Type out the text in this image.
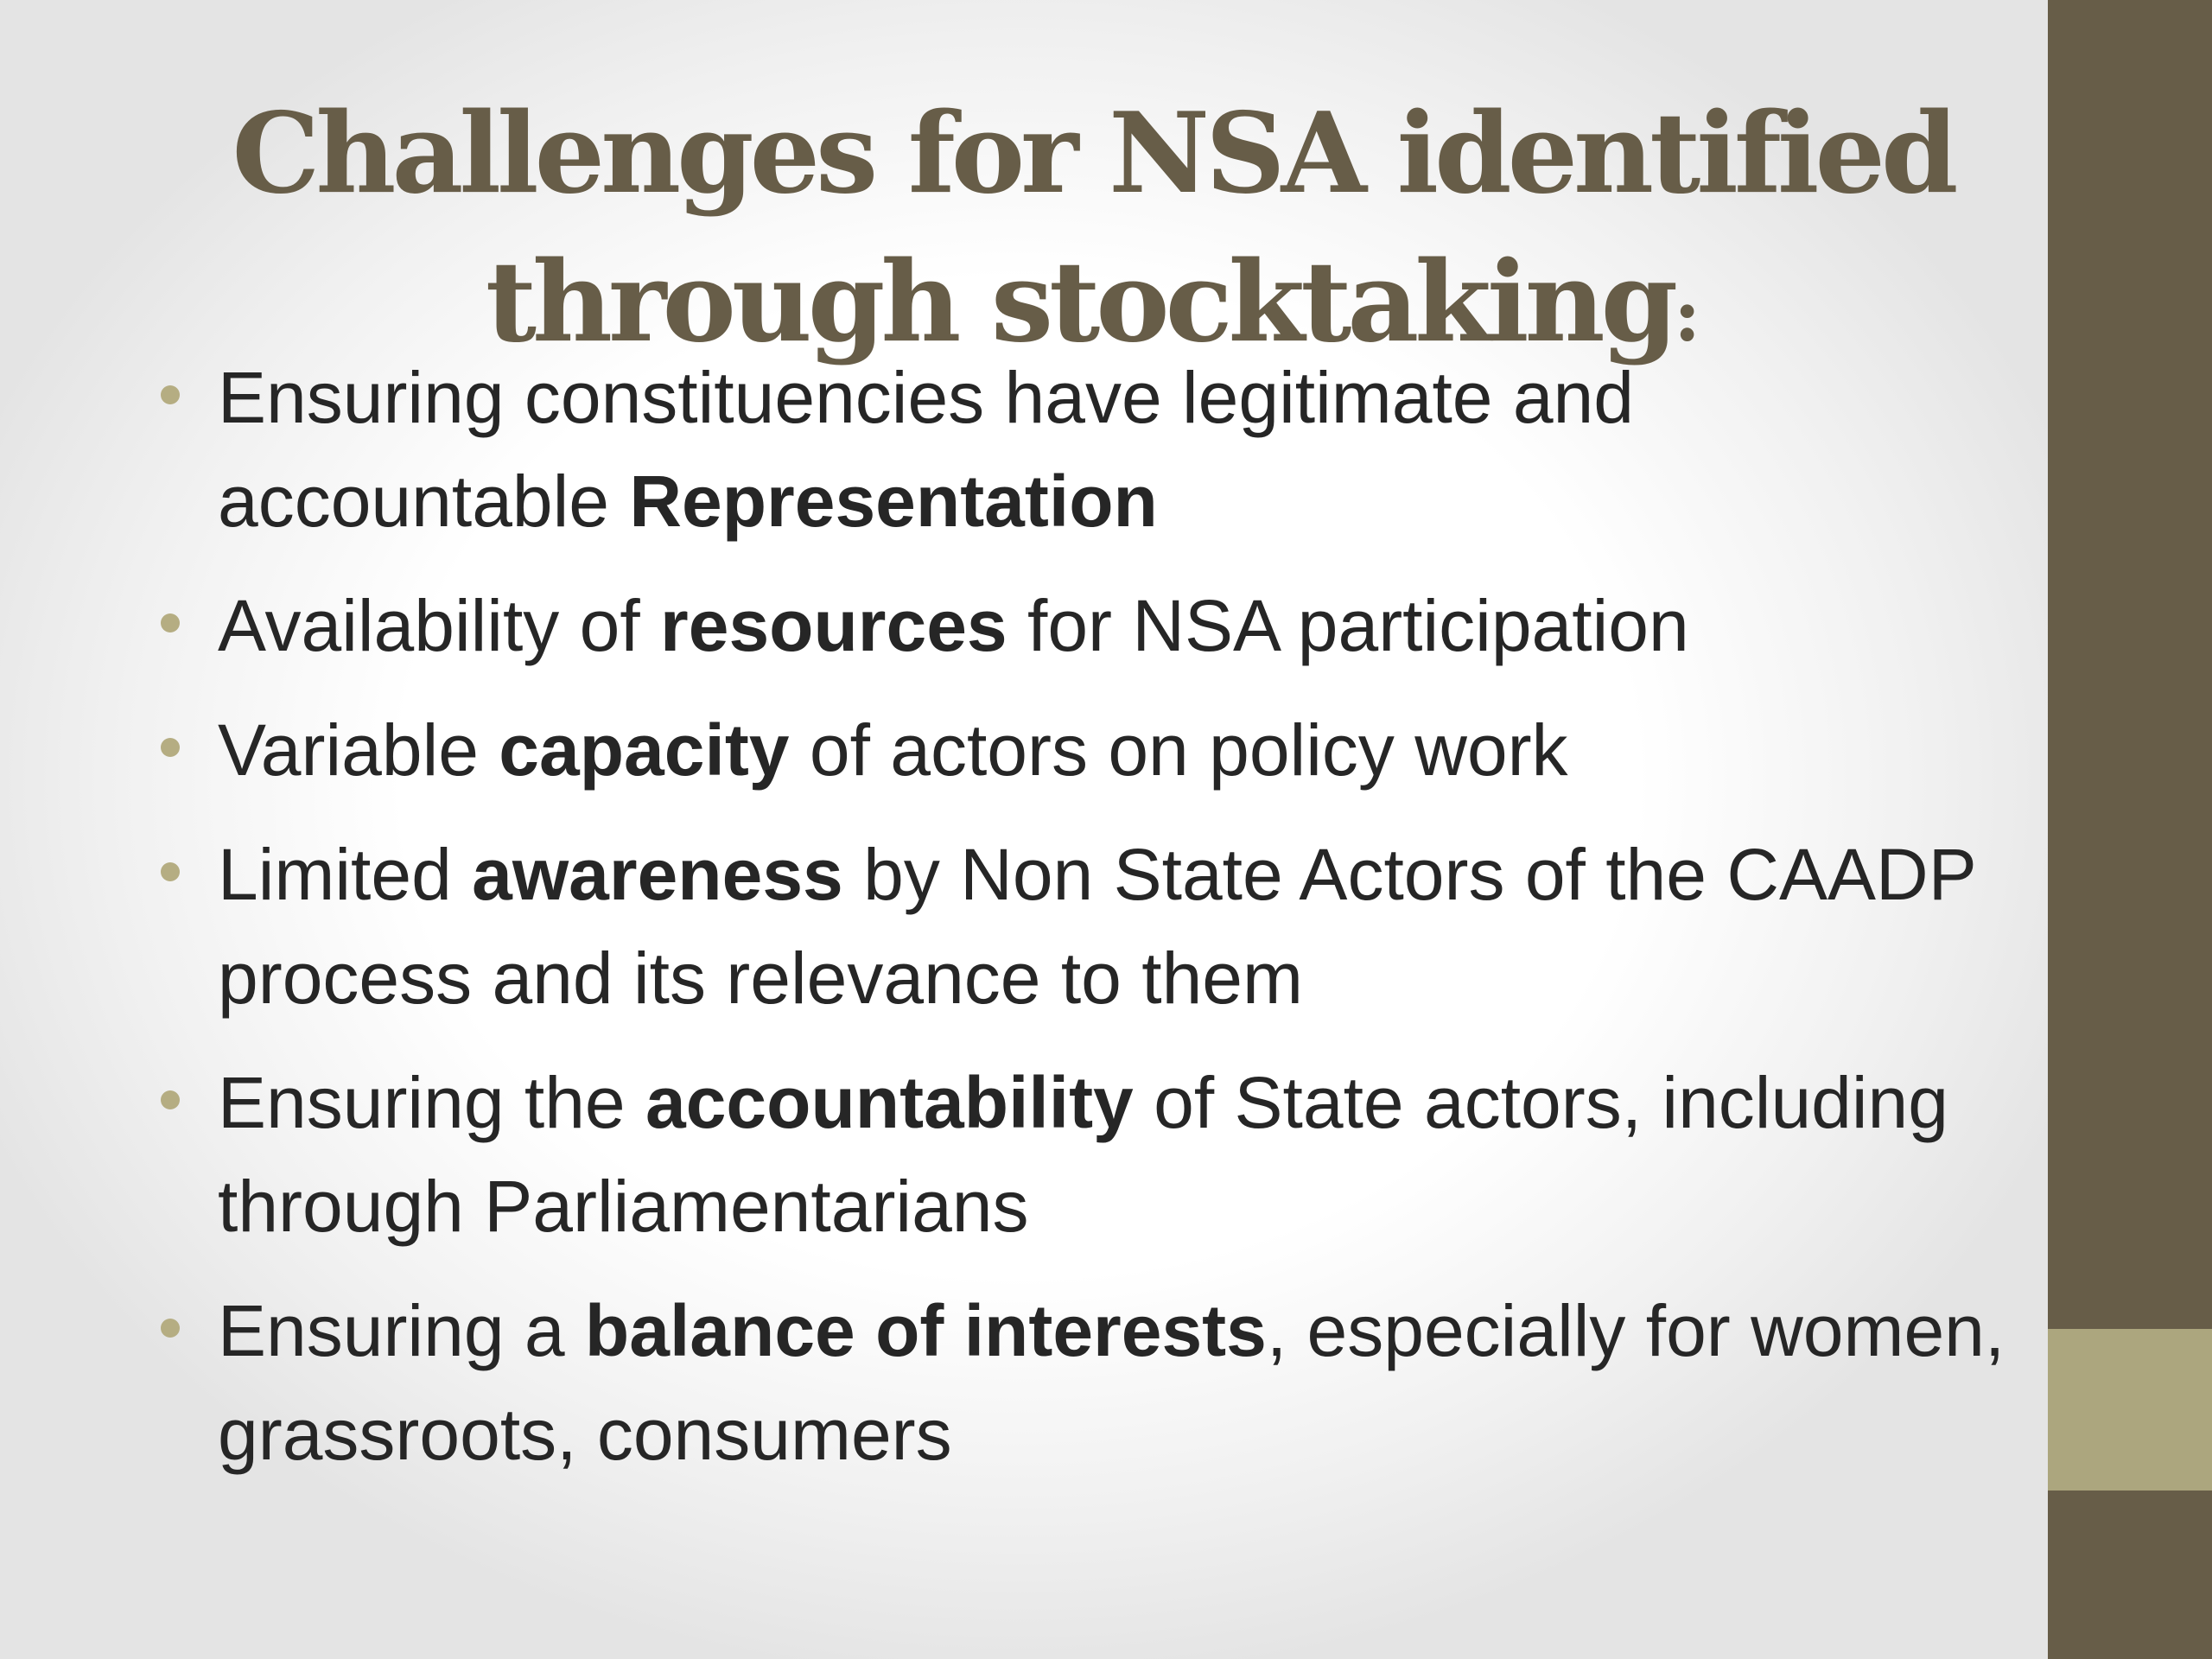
Challenges for NSA identified through stocktaking:
Ensuring constituencies have legitimate and accountable Representation
Availability of resources for NSA participation
Variable capacity of actors on policy work
Limited awareness by Non State Actors of the CAADP process and its relevance to them
Ensuring the accountability of State actors, including through Parliamentarians
Ensuring a balance of interests, especially for women, grassroots, consumers
